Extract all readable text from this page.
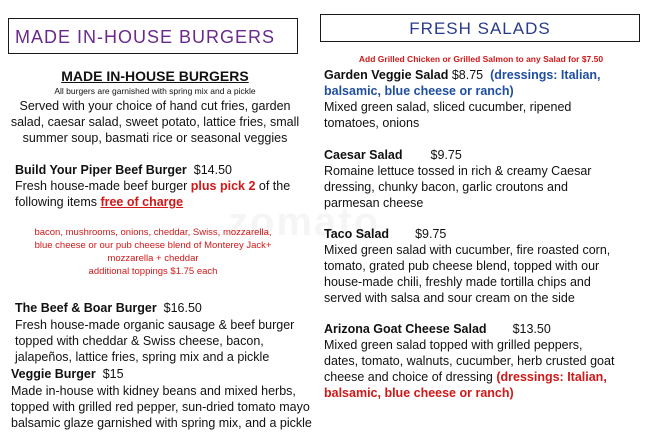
MADE IN-HOUSE BURGERS	FRESH SALADS
MADE IN-HOUSE BURGERS
All burgers are garnished with spring mix and a pickle
Served with your choice of hand cut fries, garden
salad, caesar salad, sweet potato, lattice fries, small
summer soup, basmati rice or seasonal veggies
Build Your Piper Beef Burger $14.50
Fresh house-made beef burger plus pick 2 of the
following items free of charge
bacon, mushrooms, onions, cheddar, Swiss, mozzarella,
blue cheese or our pub cheese blend of Monterey Jack+
mozzarella + cheddar
additional toppings $1.75 each
The Beef & Boar Burger $16.50
Fresh house-made organic sausage & beef burger
topped with cheddar & Swiss cheese, bacon,
jalapeños, lattice fries, spring mix and a pickle
Veggie Burger $15
Made in-house with kidney beans and mixed herbs,
topped with grilled red pepper, sun-dried tomato mayo
balsamic glaze garnished with spring mix, and a pickle
Add Grilled Chicken or Grilled Salmon to any Salad for $7.50
Garden Veggie Salad $8.75 (dressings: Italian,
balsamic, blue cheese or ranch)
Mixed green salad, sliced cucumber, ripened
tomatoes, onions
Caesar Salad $9.75
Romaine lettuce tossed in rich & creamy Caesar
dressing, chunky bacon, garlic croutons and
parmesan cheese
Taco Salad $9.75
Mixed green salad with cucumber, fire roasted corn,
tomato, grated pub cheese blend, topped with our
house-made chili, freshly made tortilla chips and
served with salsa and sour cream on the side
Arizona Goat Cheese Salad $13.50
Mixed green salad topped with grilled peppers,
dates, tomato, walnuts, cucumber, herb crusted goat
cheese and choice of dressing (dressings: Italian,
balsamic, blue cheese or ranch)
